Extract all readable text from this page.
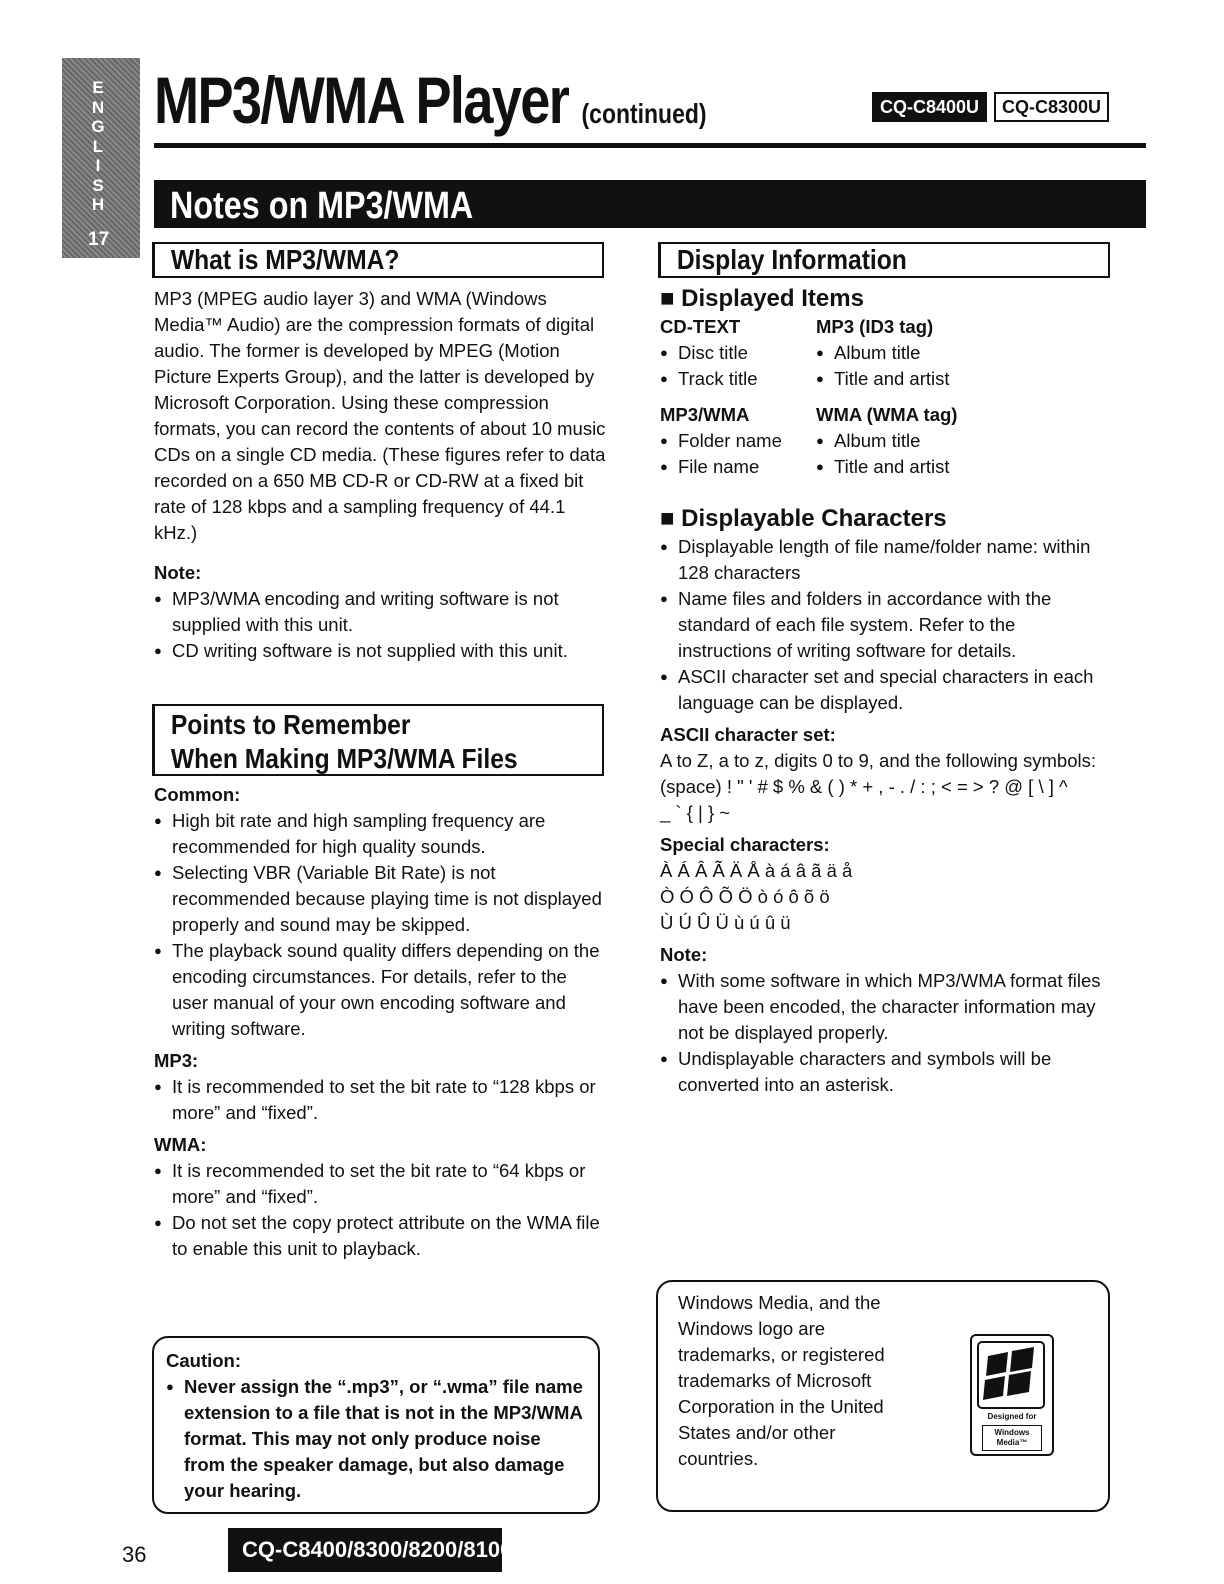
E
N
G
L
I
S
H
17
MP3/WMA Player (continued)	CQ-C8400U	CQ-C8300U
Notes on MP3/WMA
What is MP3/WMA?

MP3 (MPEG audio layer 3) and WMA (Windows Media™ Audio) are the compression formats of digital audio. The former is developed by MPEG (Motion Picture Experts Group), and the latter is developed by Microsoft Corporation. Using these compression formats, you can record the contents of about 10 music CDs on a single CD media. (These figures refer to data recorded on a 650 MB CD-R or CD-RW at a fixed bit rate of 128 kbps and a sampling frequency of 44.1 kHz.)

Note:

● MP3/WMA encoding and writing software is not supplied with this unit.
● CD writing software is not supplied with this unit.
Points to Remember
When Making MP3/WMA Files

Common:

● High bit rate and high sampling frequency are recommended for high quality sounds.
● Selecting VBR (Variable Bit Rate) is not recommended because playing time is not displayed properly and sound may be skipped.
● The playback sound quality differs depending on the encoding circumstances. For details, refer to the user manual of your own encoding software and writing software.

MP3:

● It is recommended to set the bit rate to “128 kbps or more” and “fixed”.

WMA:

● It is recommended to set the bit rate to “64 kbps or more” and “fixed”.
● Do not set the copy protect attribute on the WMA file to enable this unit to playback.

Caution:

● Never assign the “.mp3”, or “.wma” file name extension to a file that is not in the MP3/WMA format. This may not only produce noise from the speaker damage, but also damage your hearing.
Display Information

■ Displayed Items

CD-TEXT

● Disc title
● Track title

MP3 (ID3 tag)

● Album title
● Title and artist

MP3/WMA

● Folder name
● File name

WMA (WMA tag)

● Album title
● Title and artist

■ Displayable Characters

● Displayable length of file name/folder name: within 128 characters
● Name files and folders in accordance with the standard of each file system. Refer to the instructions of writing software for details.
● ASCII character set and special characters in each language can be displayed.

ASCII character set:

A to Z, a to z, digits 0 to 9, and the following symbols:

(space) ! " ' # $ % & ( ) * + , - . / : ; < = > ? @ [ \ ] ^

_ ` { | } ~

Special characters:

À Á Â Ã Ä Å à á â ã ä å

Ò Ó Ô Õ Ö ò ó ô õ ö

Ù Ú Û Ü ù ú û ü

Note:

● With some software in which MP3/WMA format files have been encoded, the character information may not be displayed properly.
● Undisplayable characters and symbols will be converted into an asterisk.

Windows Media, and the Windows logo are trademarks, or registered trademarks of Microsoft Corporation in the United States and/or other countries.

Designed for
Windows
Media™
36	CQ-C8400/8300/8200/8100U
